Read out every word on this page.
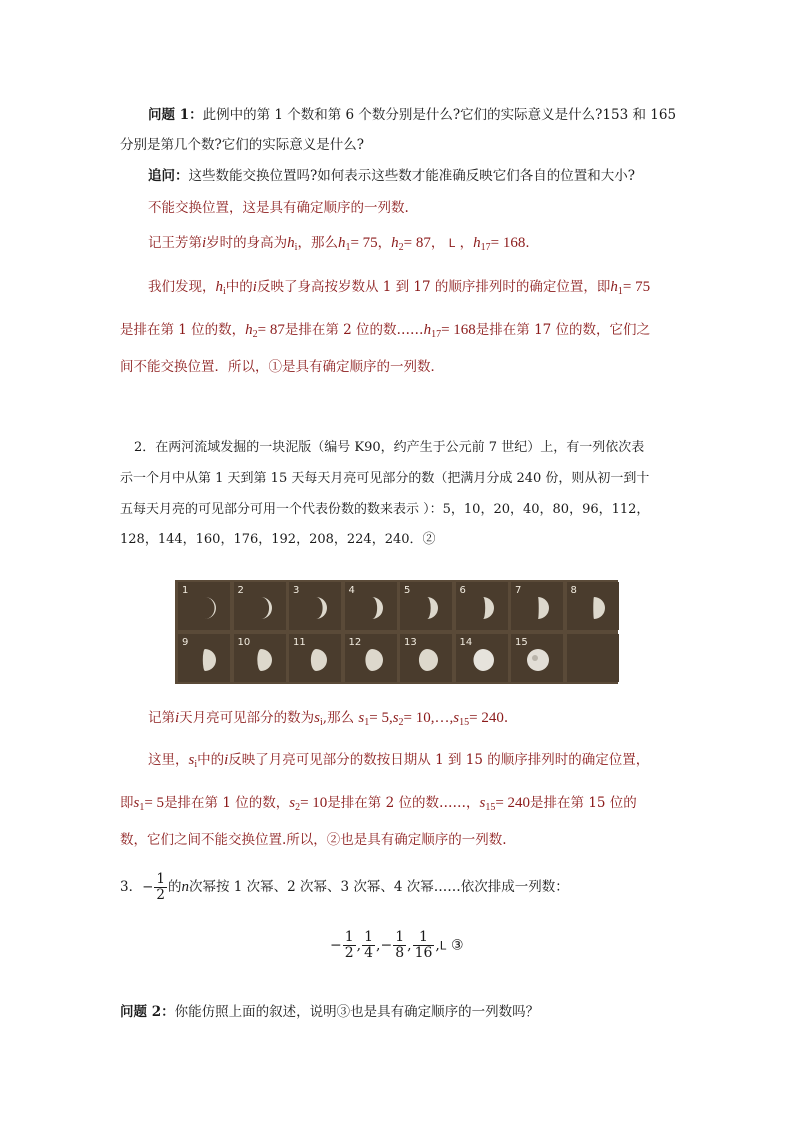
问题 1：此例中的第 1 个数和第 6 个数分别是什么?它们的实际意义是什么?153 和 165
分别是第几个数?它们的实际意义是什么?
追问：这些数能交换位置吗?如何表示这些数才能准确反映它们各自的位置和大小?
不能交换位置，这是具有确定顺序的一列数.
记王芳第i岁时的身高为$h_i$，那么$h_1= 75$，$h_2= 87$， L ，$h_{17}= 168$．
我们发现，$h_i$中的i反映了身高按岁数从 1 到 17 的顺序排列时的确定位置，即$h_1= 75$
是排在第 1 位的数，$h_2= 87$是排在第 2 位的数$\dots\dots h_{17}= 168$是排在第 17 位的数，它们之
间不能交换位置．所以，①是具有确定顺序的一列数．
2．在两河流域发掘的一块泥版（编号 K90，约产生于公元前 7 世纪）上，有一列依次表
示一个月中从第 1 天到第 15 天每天月亮可见部分的数（把满月分成 240 份，则从初一到十
五每天月亮的可见部分可用一个代表份数的数来表示 ）：5，10，20，40，80，96，112，
128，144，160，176，192，208，224，240．②
1	2	3	4	5	6	7	8
9	10	11	12	13	14	15
记第i天月亮可见部分的数为$s_i$,那么 $s_1= 5,s_2=$ $10,\dots,s_{15}= 240$.
这里，$s_i$中的i反映了月亮可见部分的数按日期从 1 到 15 的顺序排列时的确定位置，
即$s_1= 5$是排在第 1 位的数，$s_2= 10$是排在第 2 位的数……，$s_{15}= 240$是排在第 15 位的
数，它们之间不能交换位置.所以，②也是具有确定顺序的一列数.
3．− $\frac{1}{2}$ 的n次幂按 1 次幂、2 次幂、3 次幂、4 次幂……依次排成一列数：
− $\frac{1}{2}$ , $\frac{1}{4}$ ,− $\frac{1}{8}$ , $\frac{1}{16} ,L$ ③
问题 2：你能仿照上面的叙述，说明③也是具有确定顺序的一列数吗？
